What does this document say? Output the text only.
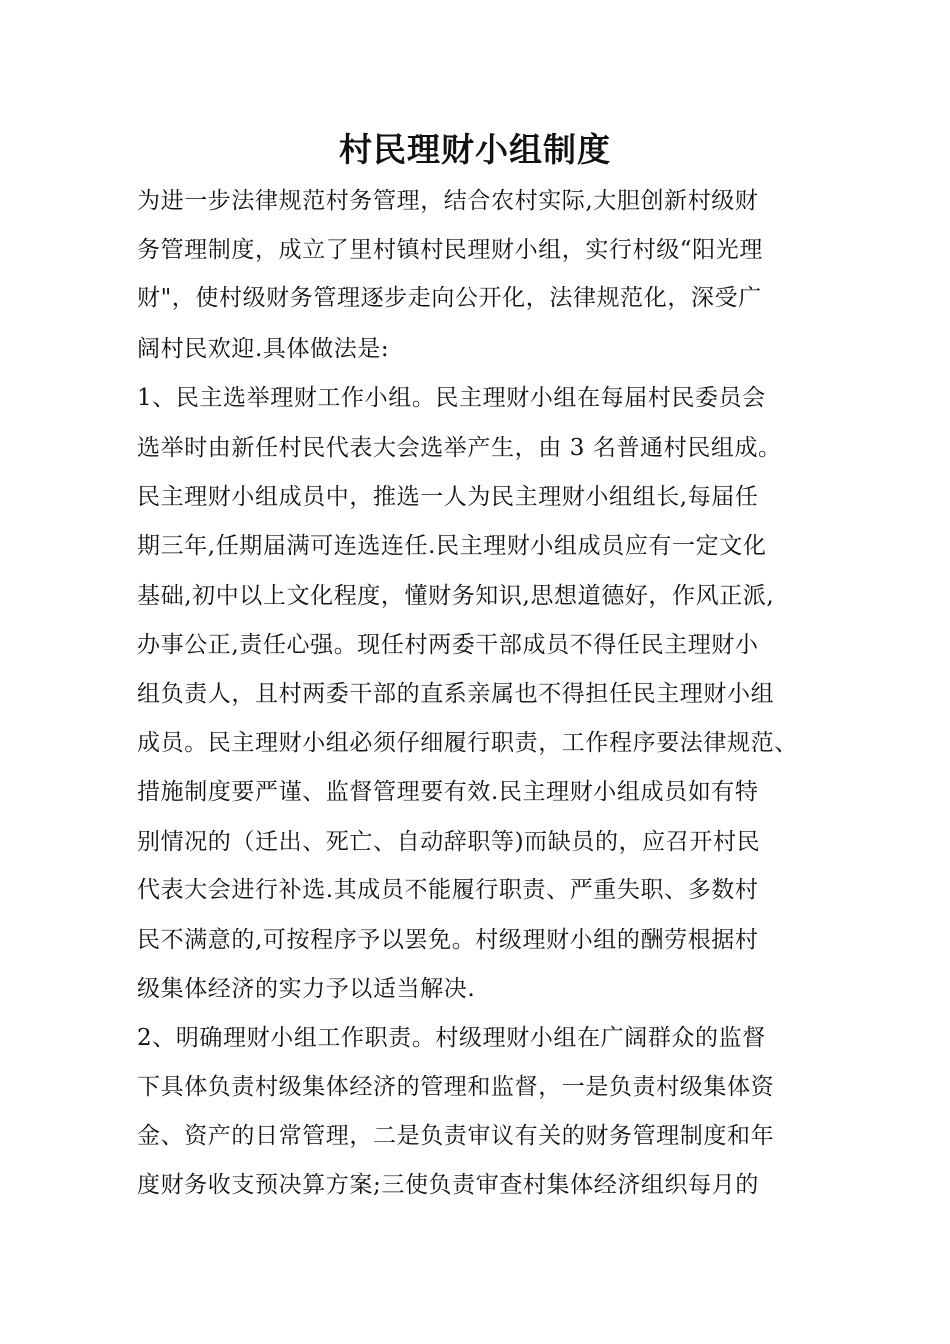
村民理财小组制度
为进一步法律规范村务管理，结合农村实际,大胆创新村级财
务管理制度，成立了里村镇村民理财小组，实行村级“阳光理
财"，使村级财务管理逐步走向公开化，法律规范化，深受广
阔村民欢迎.具体做法是:
1、民主选举理财工作小组。民主理财小组在每届村民委员会
选举时由新任村民代表大会选举产生，由 3 名普通村民组成。
民主理财小组成员中，推选一人为民主理财小组组长,每届任
期三年,任期届满可连选连任.民主理财小组成员应有一定文化
基础,初中以上文化程度，懂财务知识,思想道德好，作风正派,
办事公正,责任心强。现任村两委干部成员不得任民主理财小
组负责人，且村两委干部的直系亲属也不得担任民主理财小组
成员。民主理财小组必须仔细履行职责，工作程序要法律规范、
措施制度要严谨、监督管理要有效.民主理财小组成员如有特
别情况的（迁出、死亡、自动辞职等)而缺员的，应召开村民
代表大会进行补选.其成员不能履行职责、严重失职、多数村
民不满意的,可按程序予以罢免。村级理财小组的酬劳根据村
级集体经济的实力予以适当解决.
2、明确理财小组工作职责。村级理财小组在广阔群众的监督
下具体负责村级集体经济的管理和监督，一是负责村级集体资
金、资产的日常管理，二是负责审议有关的财务管理制度和年
度财务收支预决算方案;三使负责审查村集体经济组织每月的
